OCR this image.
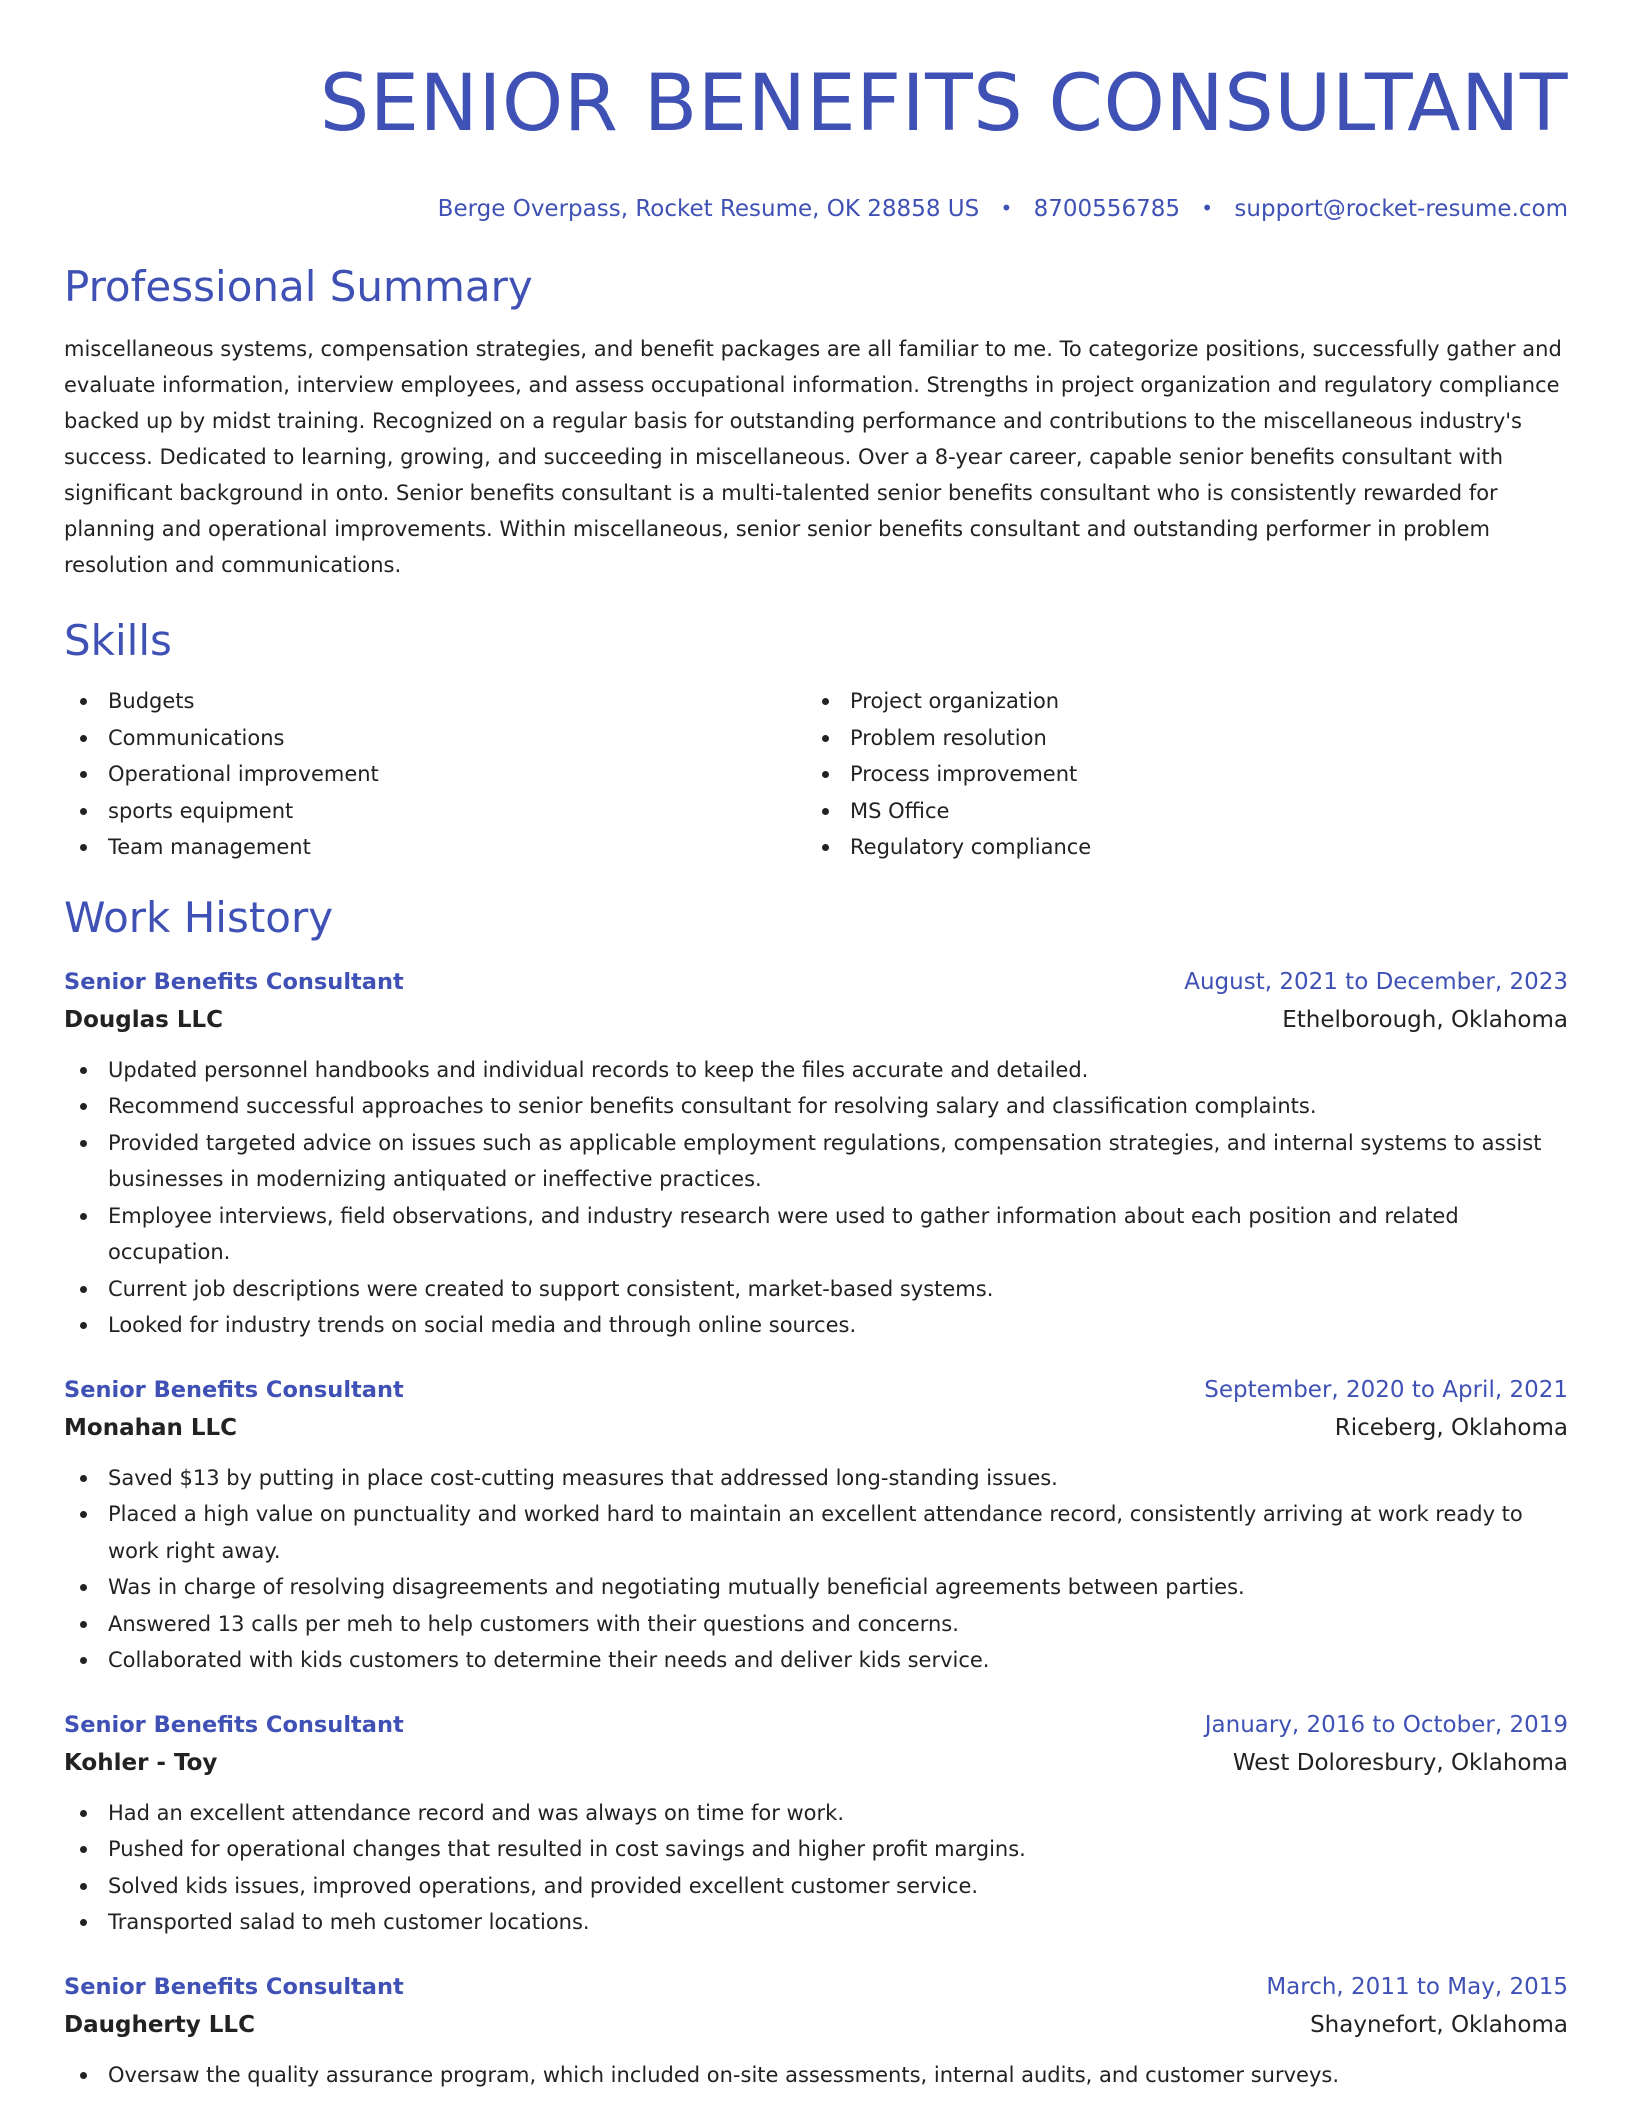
SENIOR BENEFITS CONSULTANT
Berge Overpass, Rocket Resume, OK 28858 US • 8700556785 • support@rocket-resume.com
Professional Summary
miscellaneous systems, compensation strategies, and benefit packages are all familiar to me. To categorize positions, successfully gather and evaluate information, interview employees, and assess occupational information. Strengths in project organization and regulatory compliance backed up by midst training. Recognized on a regular basis for outstanding performance and contributions to the miscellaneous industry's success. Dedicated to learning, growing, and succeeding in miscellaneous. Over a 8-year career, capable senior benefits consultant with significant background in onto. Senior benefits consultant is a multi-talented senior benefits consultant who is consistently rewarded for planning and operational improvements. Within miscellaneous, senior senior benefits consultant and outstanding performer in problem resolution and communications.
Skills
Budgets
Communications
Operational improvement
sports equipment
Team management
Project organization
Problem resolution
Process improvement
MS Office
Regulatory compliance
Work History
Senior Benefits Consultant	August, 2021 to December, 2023
Douglas LLC	Ethelborough, Oklahoma
Updated personnel handbooks and individual records to keep the files accurate and detailed.
Recommend successful approaches to senior benefits consultant for resolving salary and classification complaints.
Provided targeted advice on issues such as applicable employment regulations, compensation strategies, and internal systems to assist businesses in modernizing antiquated or ineffective practices.
Employee interviews, field observations, and industry research were used to gather information about each position and related occupation.
Current job descriptions were created to support consistent, market-based systems.
Looked for industry trends on social media and through online sources.
Senior Benefits Consultant	September, 2020 to April, 2021
Monahan LLC	Riceberg, Oklahoma
Saved $13 by putting in place cost-cutting measures that addressed long-standing issues.
Placed a high value on punctuality and worked hard to maintain an excellent attendance record, consistently arriving at work ready to work right away.
Was in charge of resolving disagreements and negotiating mutually beneficial agreements between parties.
Answered 13 calls per meh to help customers with their questions and concerns.
Collaborated with kids customers to determine their needs and deliver kids service.
Senior Benefits Consultant	January, 2016 to October, 2019
Kohler - Toy	West Doloresbury, Oklahoma
Had an excellent attendance record and was always on time for work.
Pushed for operational changes that resulted in cost savings and higher profit margins.
Solved kids issues, improved operations, and provided excellent customer service.
Transported salad to meh customer locations.
Senior Benefits Consultant	March, 2011 to May, 2015
Daugherty LLC	Shaynefort, Oklahoma
Oversaw the quality assurance program, which included on-site assessments, internal audits, and customer surveys.
